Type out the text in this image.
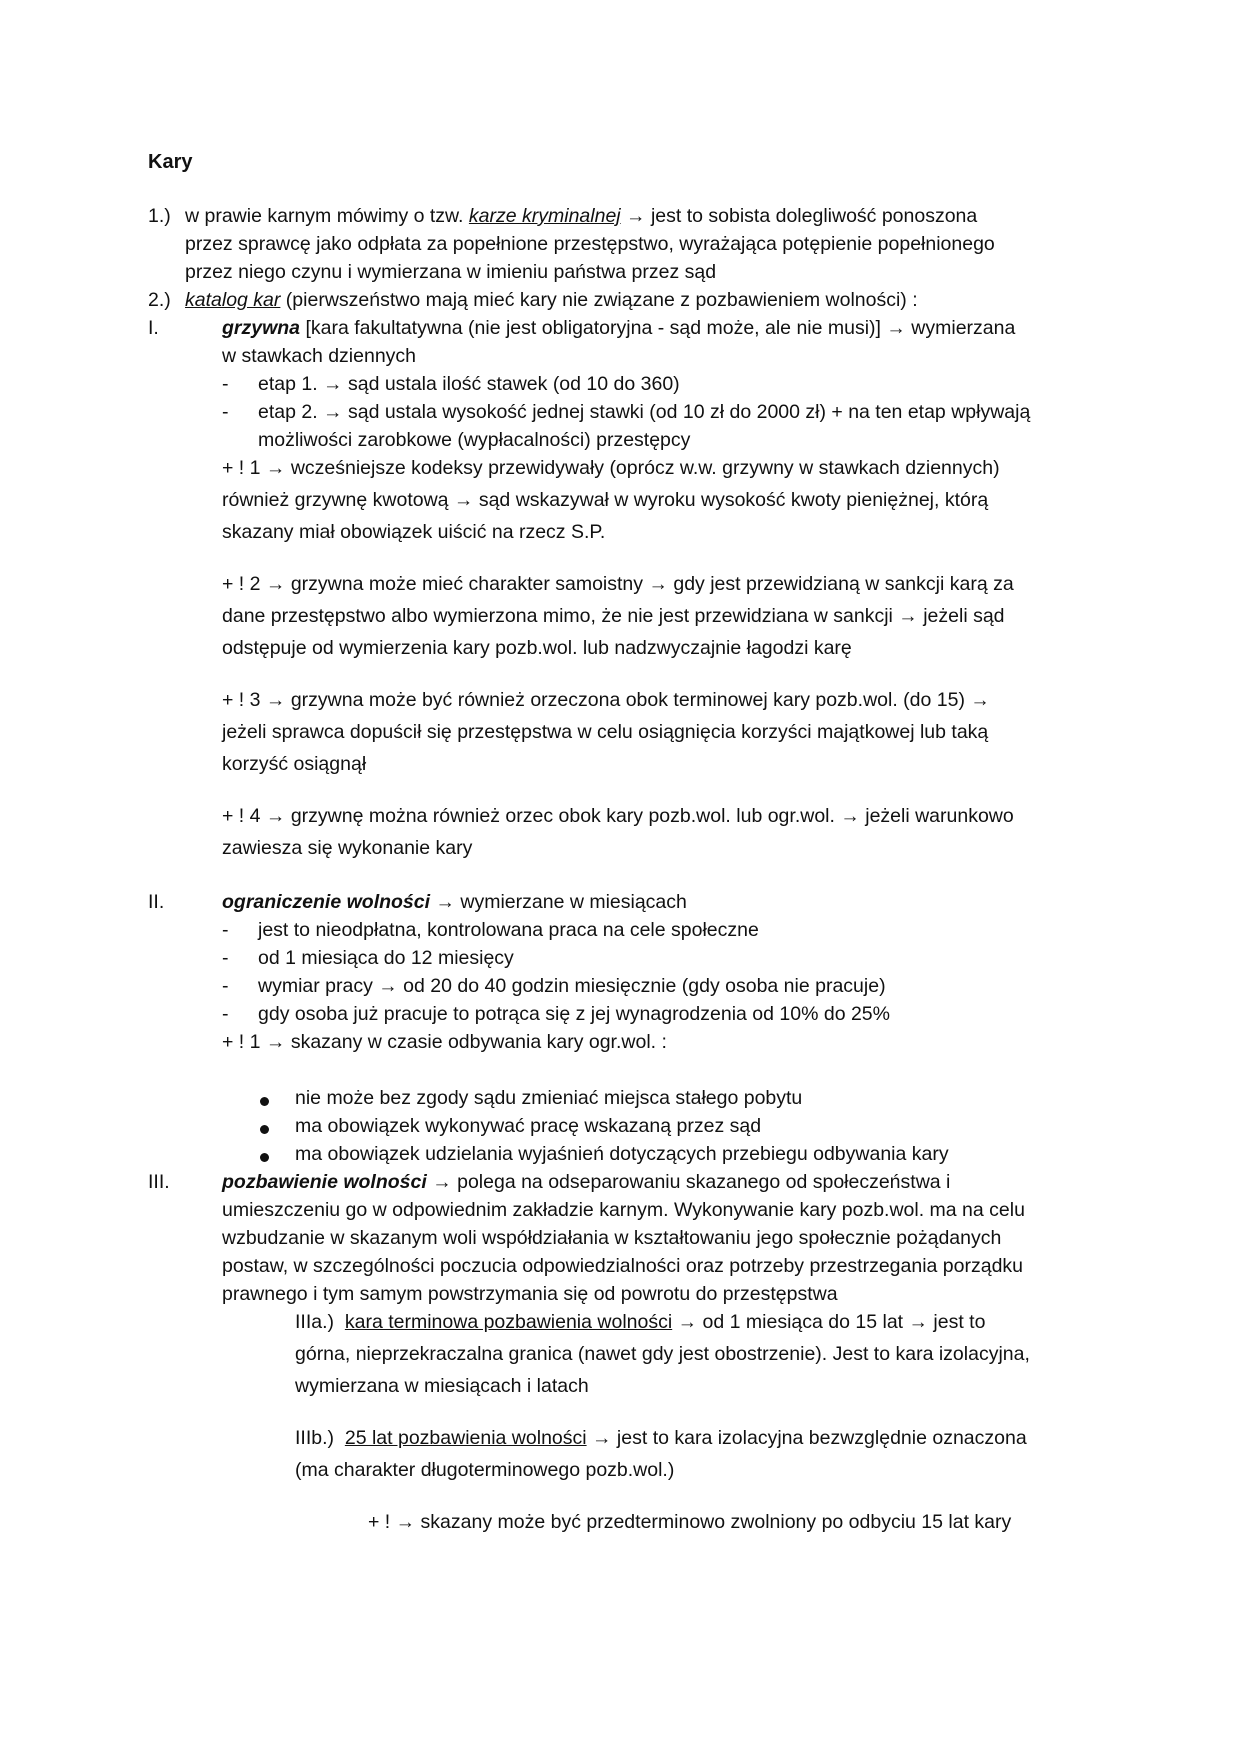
Kary
1.) w prawie karnym mówimy o tzw. karze kryminalnej → jest to sobista dolegliwość ponoszona
przez sprawcę jako odpłata za popełnione przestępstwo, wyrażająca potępienie popełnionego
przez niego czynu i wymierzana w imieniu państwa przez sąd
2.) katalog kar (pierwszeństwo mają mieć kary nie związane z pozbawieniem wolności) :
I.	grzywna [kara fakultatywna (nie jest obligatoryjna - sąd może, ale nie musi)] → wymierzana
w stawkach dziennych
- etap 1. → sąd ustala ilość stawek (od 10 do 360)
- etap 2. → sąd ustala wysokość jednej stawki (od 10 zł do 2000 zł) + na ten etap wpływają
możliwości zarobkowe (wypłacalności) przestępcy
+ ! 1 → wcześniejsze kodeksy przewidywały (oprócz w.w. grzywny w stawkach dziennych)
również grzywnę kwotową → sąd wskazywał w wyroku wysokość kwoty pieniężnej, którą
skazany miał obowiązek uiścić na rzecz S.P.
+ ! 2 → grzywna może mieć charakter samoistny → gdy jest przewidzianą w sankcji karą za
dane przestępstwo albo wymierzona mimo, że nie jest przewidziana w sankcji → jeżeli sąd
odstępuje od wymierzenia kary pozb.wol. lub nadzwyczajnie łagodzi karę
+ ! 3 → grzywna może być również orzeczona obok terminowej kary pozb.wol. (do 15) →
jeżeli sprawca dopuścił się przestępstwa w celu osiągnięcia korzyści majątkowej lub taką
korzyść osiągnął
+ ! 4 → grzywnę można również orzec obok kary pozb.wol. lub ogr.wol. → jeżeli warunkowo
zawiesza się wykonanie kary
II.	ograniczenie wolności → wymierzane w miesiącach
- jest to nieodpłatna, kontrolowana praca na cele społeczne
- od 1 miesiąca do 12 miesięcy
- wymiar pracy → od 20 do 40 godzin miesięcznie (gdy osoba nie pracuje)
- gdy osoba już pracuje to potrąca się z jej wynagrodzenia od 10% do 25%
+ ! 1 → skazany w czasie odbywania kary ogr.wol. :
nie może bez zgody sądu zmieniać miejsca stałego pobytu
ma obowiązek wykonywać pracę wskazaną przez sąd
ma obowiązek udzielania wyjaśnień dotyczących przebiegu odbywania kary
III.	pozbawienie wolności → polega na odseparowaniu skazanego od społeczeństwa i
umieszczeniu go w odpowiednim zakładzie karnym. Wykonywanie kary pozb.wol. ma na celu
wzbudzanie w skazanym woli współdziałania w kształtowaniu jego społecznie pożądanych
postaw, w szczególności poczucia odpowiedzialności oraz potrzeby przestrzegania porządku
prawnego i tym samym powstrzymania się od powrotu do przestępstwa
IIIa.) kara terminowa pozbawienia wolności → od 1 miesiąca do 15 lat → jest to
górna, nieprzekraczalna granica (nawet gdy jest obostrzenie). Jest to kara izolacyjna,
wymierzana w miesiącach i latach
IIIb.) 25 lat pozbawienia wolności → jest to kara izolacyjna bezwzględnie oznaczona
(ma charakter długoterminowego pozb.wol.)
+ ! → skazany może być przedterminowo zwolniony po odbyciu 15 lat kary
